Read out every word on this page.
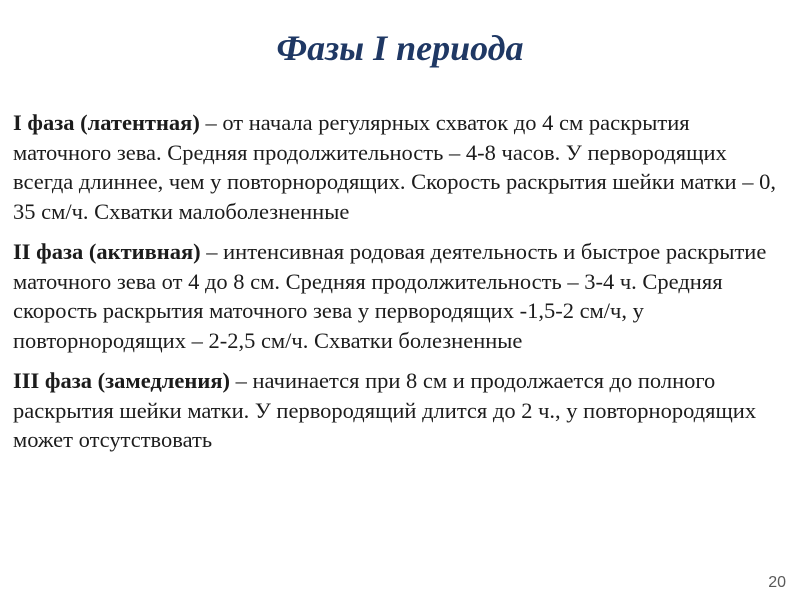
Фазы I периода

I фаза (латентная) – от начала регулярных схваток до 4 см раскрытия маточного зева. Средняя продолжительность – 4-8 часов. У первородящих всегда длиннее, чем у повторнородящих. Скорость раскрытия шейки матки – 0, 35 см/ч. Схватки малоболезненные

II фаза (активная) – интенсивная родовая деятельность и быстрое раскрытие маточного зева от 4 до 8 см. Средняя продолжительность – 3-4 ч. Средняя скорость раскрытия маточного зева у первородящих -1,5-2 см/ч, у повторнородящих – 2-2,5 см/ч. Схватки болезненные

III фаза (замедления) – начинается при 8 см и продолжается до полного раскрытия шейки матки. У первородящий длится до 2 ч., у повторнородящих может отсутствовать

20
